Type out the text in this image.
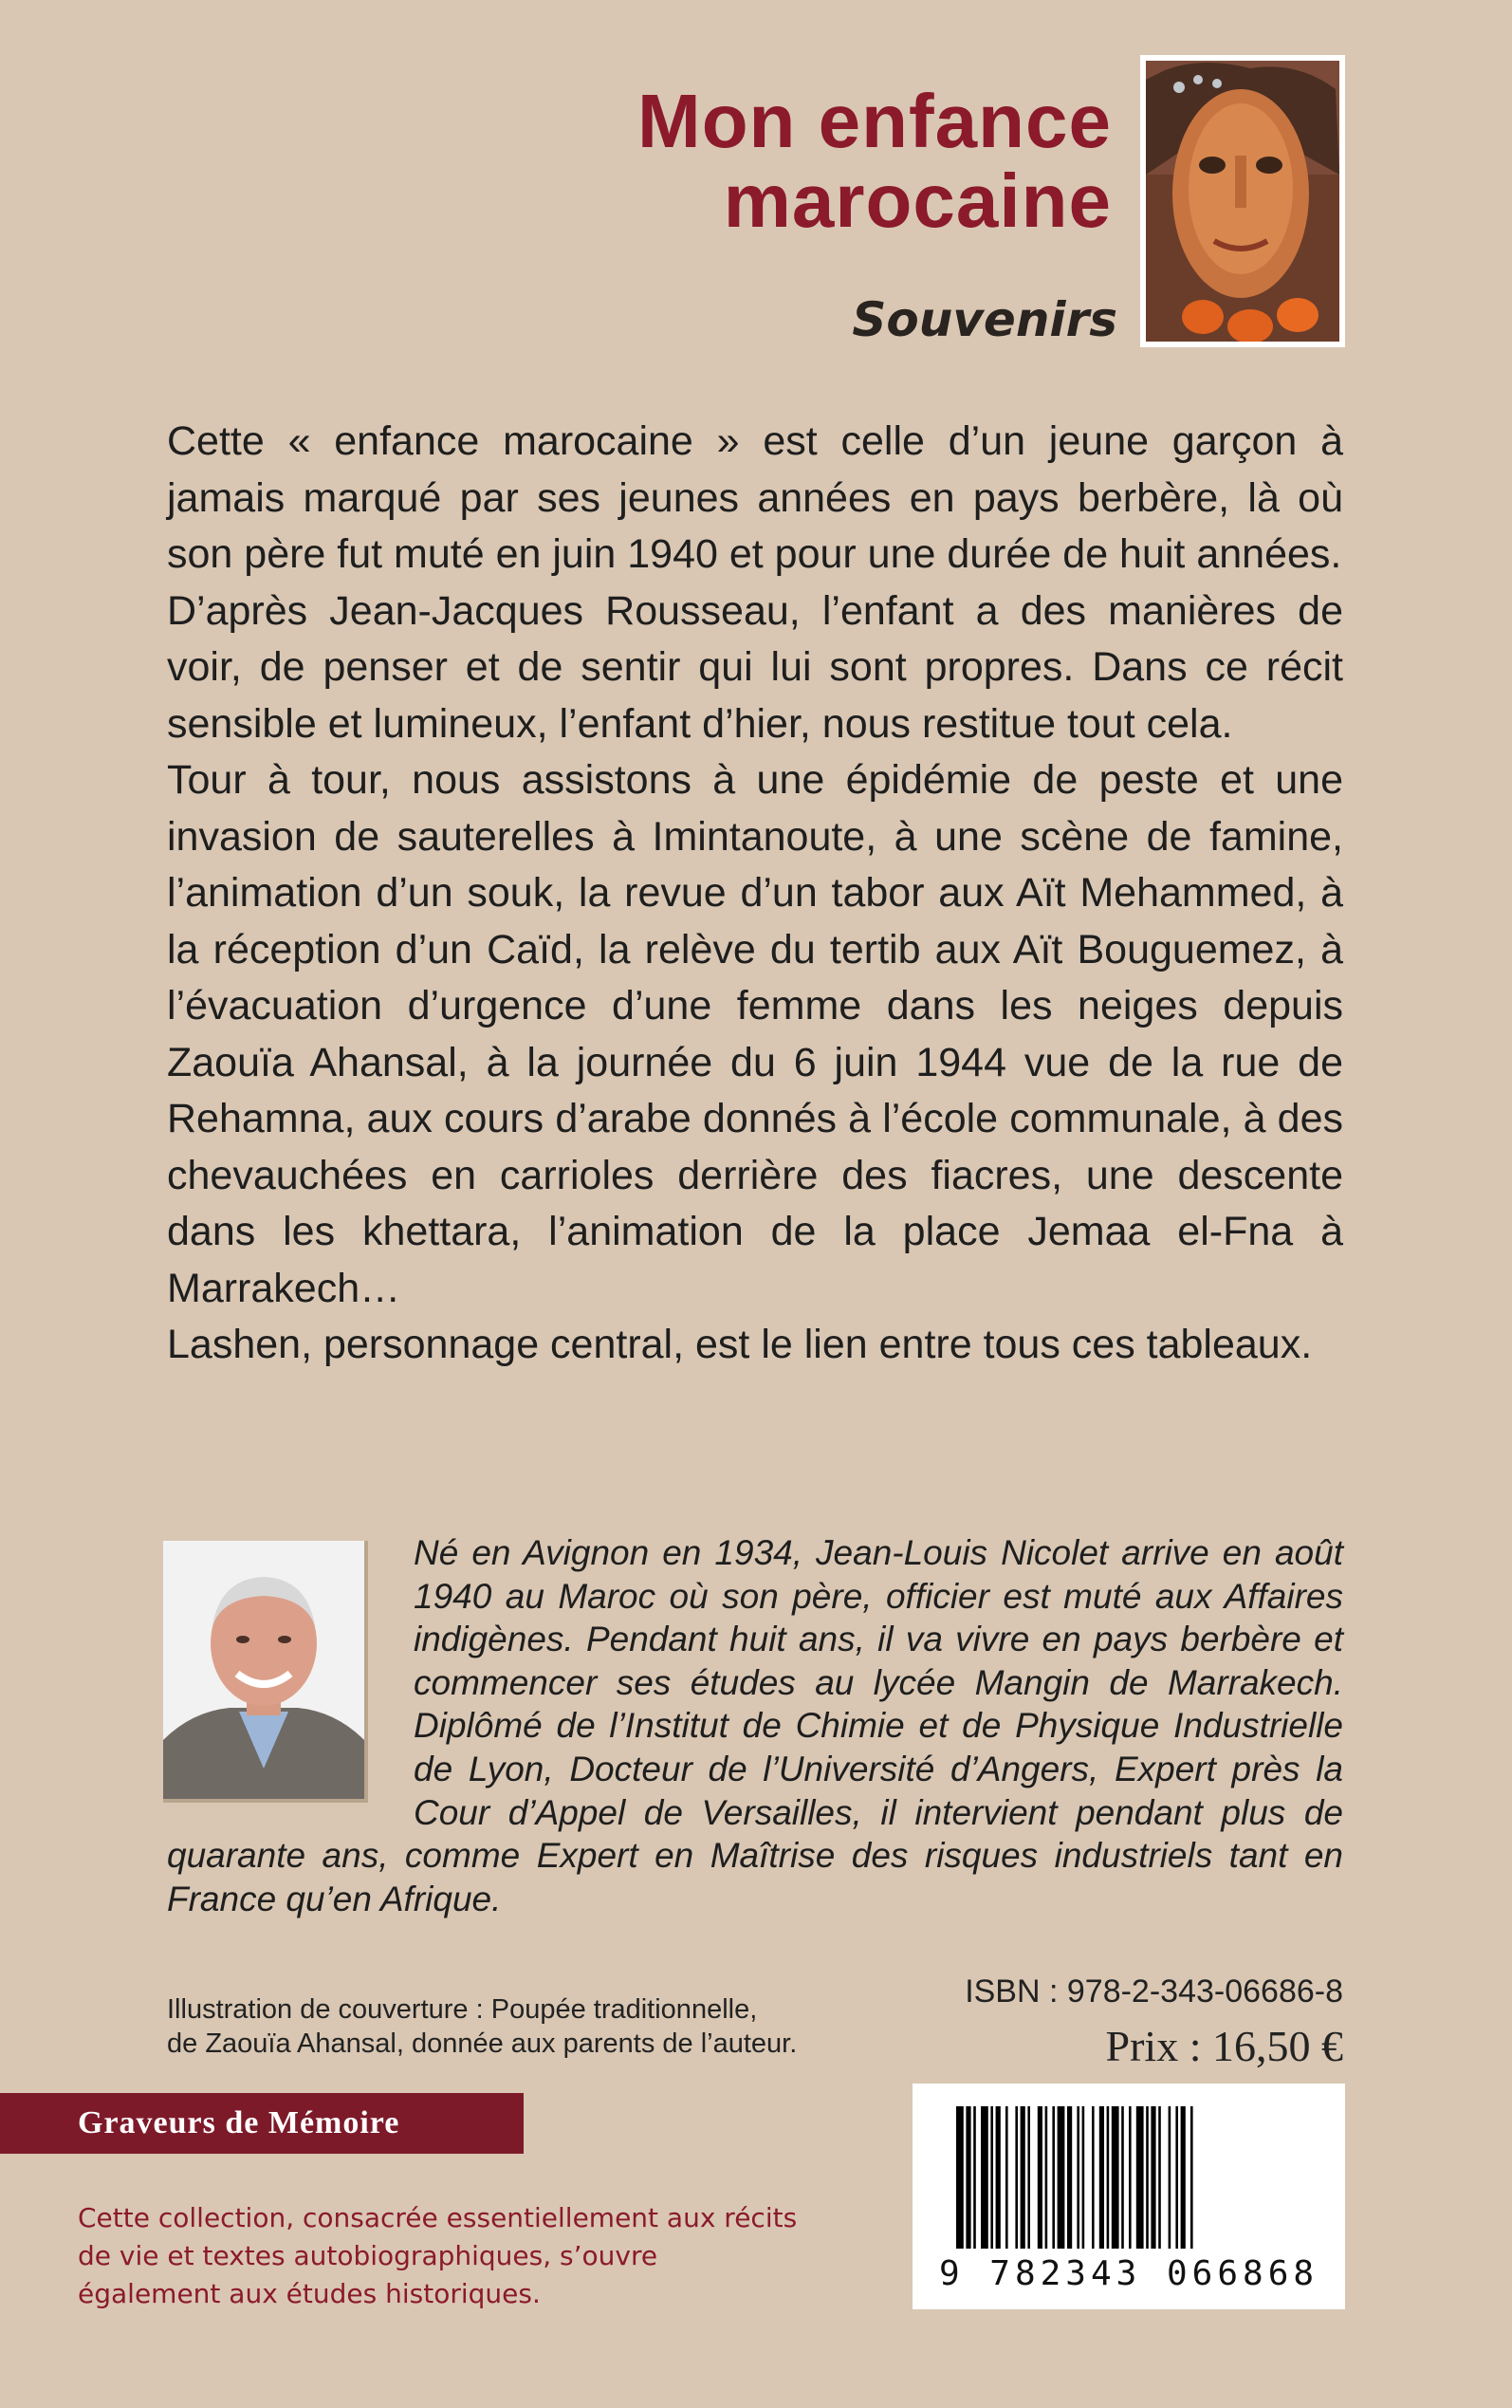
Mon enfance
marocaine
Souvenirs

Cette « enfance marocaine » est celle d’un jeune garçon à jamais marqué par ses jeunes années en pays berbère, là où son père fut muté en juin 1940 et pour une durée de huit années.

D’après Jean-Jacques Rousseau, l’enfant a des manières de voir, de penser et de sentir qui lui sont propres. Dans ce récit sensible et lumineux, l’enfant d’hier, nous restitue tout cela.

Tour à tour, nous assistons à une épidémie de peste et une invasion de sauterelles à Imintanoute, à une scène de famine, l’animation d’un souk, la revue d’un tabor aux Aït Mehammed, à la réception d’un Caïd, la relève du tertib aux Aït Bouguemez, à l’évacuation d’urgence d’une femme dans les neiges depuis Zaouïa Ahansal, à la journée du 6 juin 1944 vue de la rue de Rehamna, aux cours d’arabe donnés à l’école communale, à des chevauchées en carrioles derrière des fiacres, une descente dans les khettara, l’animation de la place Jemaa el-Fna à Marrakech…

Lashen, personnage central, est le lien entre tous ces tableaux.

Né en Avignon en 1934, Jean-Louis Nicolet arrive en août 1940 au Maroc où son père, officier est muté aux Affaires indigènes. Pendant huit ans, il va vivre en pays berbère et commencer ses études au lycée Mangin de Marrakech. Diplômé de l’Institut de Chimie et de Physique Industrielle de Lyon, Docteur de l’Université d’Angers, Expert près la Cour d’Appel de Versailles, il intervient pendant plus de quarante ans, comme Expert en Maîtrise des risques industriels tant en France qu’en Afrique.
Illustration de couverture : Poupée traditionnelle,
de Zaouïa Ahansal, donnée aux parents de l’auteur.
ISBN : 978-2-343-06686-8
Prix : 16,50 €
Graveurs de Mémoire
Cette collection, consacrée essentiellement aux récits de vie et textes autobiographiques, s’ouvre également aux études historiques.
9 782343 066868
